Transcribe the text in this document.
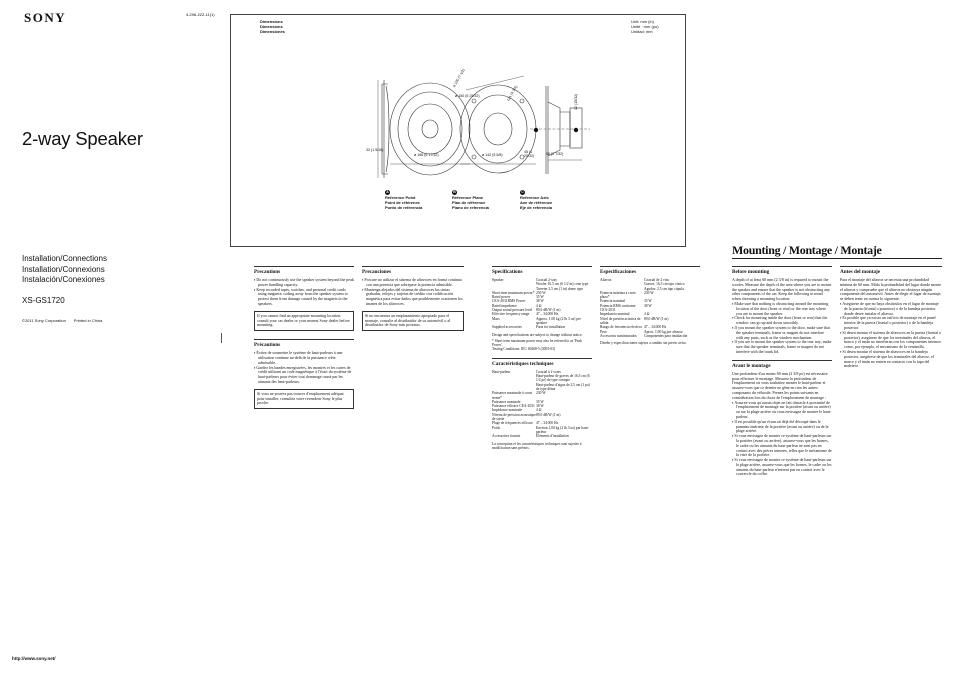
SONY	4-296-222-11(1)
2-way Speaker
Installation/Connections
Installation/Connexions
Instalación/Conexiones
XS-GS1720
©2011 Sony Corporation Printed in China
http://www.sony.net/
Dimensions
Dimensions
Dimensiones
Unit: mm (in)
Unité : mm (po)
Unidad: mm
32 (1 5/16)
ø 166 (6 17/32)	ø 142 (5 5/8)
ø 190 (7 1/2)
ø 150 (5 29/32)	121 (4 3/4)
56 (2 7/32)
45 (1 25/32)
12 (15/32)
A
Reference Point
Point de référence
Punto de referencia
B
Reference Plane
Plan de référence
Plano de referencia
C
Reference Axis
Axe de référence
Eje de referencia
Precautions
▪ Do not continuously use the speaker system beyond the peak power handling capacity.
▪ Keep recorded tapes, watches, and personal credit cards using magnetic coding away from the speaker system to protect them from damage caused by the magnets in the speakers.
If you cannot find an appropriate mounting location, consult your car dealer or your nearest Sony dealer before mounting.
Précautions
▪ Évitez de soumettre le système de haut-parleurs à une utilisation continue au-delà de la puissance crête admissible.
▪ Gardez les bandes enregistrées, les montres et les cartes de crédit utilisant un code magnétique à l'écart du système de haut-parleurs pour éviter tout dommage causé par les aimants des haut-parleurs.
Si vous ne pouvez pas trouver d'emplacement adéquat pour installer, consultez votre revendeur Sony le plus proche.
Precauciones
▪ Procure no utilizar el sistema de altavoces en forma continua con una potencia que sobrepase la potencia admisible.
▪ Mantenga alejados del sistema de altavoces las cintas grabadas, relojes y tarjetas de crédito con codificación magnética para evitar daños que posiblemente ocasionen los imanes de los altavoces.
Si no encuentra un emplazamiento apropiado para el montaje, consulte al distribuidor de su automóvil o al distribuidor de Sony más próximo.
Specifications
Speaker	Coaxial 2-way
Woofer 16.5 cm (6 1/2 in) cone type
Tweeter 2.5 cm (1 in) dome type
Short term maximum power* 230 W
Rated power	35 W
CEA-2031RMS Power	38 W
Rated impedance	4 Ω
Output sound pressure level	89.0 dB/W (1 m)
Effective frequency range	47 – 34,000 Hz
Mass	Approx. 1.00 kg (2 lb 3 oz) per speaker
Supplied accessories	Parts for installation
Design and specifications are subject to change without notice.
* Short term maximum power may also be referred to as 'Peak Power'.
Testing Conditions: IEC 60268-5 (2003-03)
Caractéristiques techniques
Haut-parleur	Coaxial à 2 voies
Haut-parleur de graves de 16,5 cm (6 1/2 po) de type conique
Haut-parleur d'aigus de 2,5 cm (1 po) de type dôme
Puissance maximale à court terme*
230 W
Puissance nominale	35 W
Puissance efficace CEA-2031 38 W
Impédance nominale	4 Ω
Niveau de pression acoustique de sortie
89,0 dB/W (1 m)
Plage de fréquences efficace 47 – 34 000 Hz
Poids	Environ 1,00 kg (2 lb 3 oz) par haut-parleur
Accessoires fournis	Éléments d'installation
La conception et les caractéristiques techniques sont sujettes à modification sans préavis.
Especificaciones
Altavoz	Coaxial de 2 vías
Graves: 16,5 cm tipo cónico
Agudos: 2,5 cm tipo cúpula
Potencia máxima a corto plazo*
230 W
Potencia nominal	35 W
Potencia RMS conforme CEA-2031
38 W
Impedancia nominal	4 Ω
Nivel de presión acústica de salida
89,0 dB/W (1 m)
Rango de frecuencia efectiva 47 – 34.000 Hz
Peso	Aprox. 1,00 kg por altavoz
Accesorios suministrados	Componentes para instalación
Diseño y especificaciones sujetos a cambio sin previo aviso.
Mounting / Montage / Montaje
Before mounting
A depth of at least 60 mm (2 3/8 in) is required to mount the woofer. Measure the depth of the area where you are to mount the speaker and ensure that the speaker is not obstructing any other components of the car. Keep the following in mind when choosing a mounting location:
▪ Make sure that nothing is obstructing around the mounting location of the door (front or rear) or the rear tray where you are to mount the speaker.
▪ Check for mounting inside the door (front or rear) that the window can go up and down smoothly.
▪ If you mount the speaker system to the door, make sure that the speaker terminals, frame or magnet do not interfere with any parts, such as the window mechanism.
▪ If you are to mount the speaker system to the rear tray, make sure that the speaker terminals, frame or magnet do not interfere with the trunk lid.
Avant le montage
Une profondeur d'au moins 60 mm (2 3/8 po) est nécessaire pour effectuer le montage. Mesurez la profondeur de l'emplacement où vous souhaitez monter le haut-parleur et assurez-vous que ce dernier ne gêne en rien les autres composants du véhicule. Prenez les points suivants en considération lors du choix de l'emplacement de montage :
▪ Assurez-vous qu'aucun objet ne fait obstacle à proximité de l'emplacement de montage sur la portière (avant ou arrière) ou sur la plage arrière où vous envisagez de monter le haut-parleur.
▪ Il est possible qu'un écran ait déjà été découpé dans le panneau intérieur de la portière (avant ou arrière) ou de la plage arrière.
▪ Si vous envisagez de monter ce système de haut-parleurs sur la portière (avant ou arrière), assurez-vous que les bornes, le cadre ou les aimants du haut-parleur ne sont pas en contact avec des pièces internes, telles que le mécanisme de la vitre de la portière.
▪ Si vous envisagez de monter ce système de haut-parleurs sur la plage arrière, assurez-vous que les bornes, le cadre ou les aimants du haut-parleur n'entrent pas en contact avec le couvercle du coffre.
Antes del montaje
Para el montaje del altavoz se necesita una profundidad mínima de 60 mm. Mida la profundidad del lugar donde monte el altavoz y compruebe que el altavoz no obstruya ningún componente del automóvil. Antes de elegir el lugar de montaje, se deben tener en cuenta lo siguiente:
▪ Asegúrese de que no haya obstáculos en el lugar de montaje de la puerta (frontal o posterior) o de la bandeja posterior donde desee instalar el altavoz.
▪ Es posible que ya exista un orificio de montaje en el panel interior de la puerta (frontal o posterior) o de la bandeja posterior.
▪ Si desea montar el sistema de altavoces en la puerta (frontal o posterior), asegúrese de que los terminales del altavoz, el marco y el imán no interfieran con los componentes internos como, por ejemplo, el mecanismo de la ventanilla.
▪ Si desea montar el sistema de altavoces en la bandeja posterior, asegúrese de que los terminales del altavoz, el marco y el imán no entren en contacto con la tapa del maletero.
